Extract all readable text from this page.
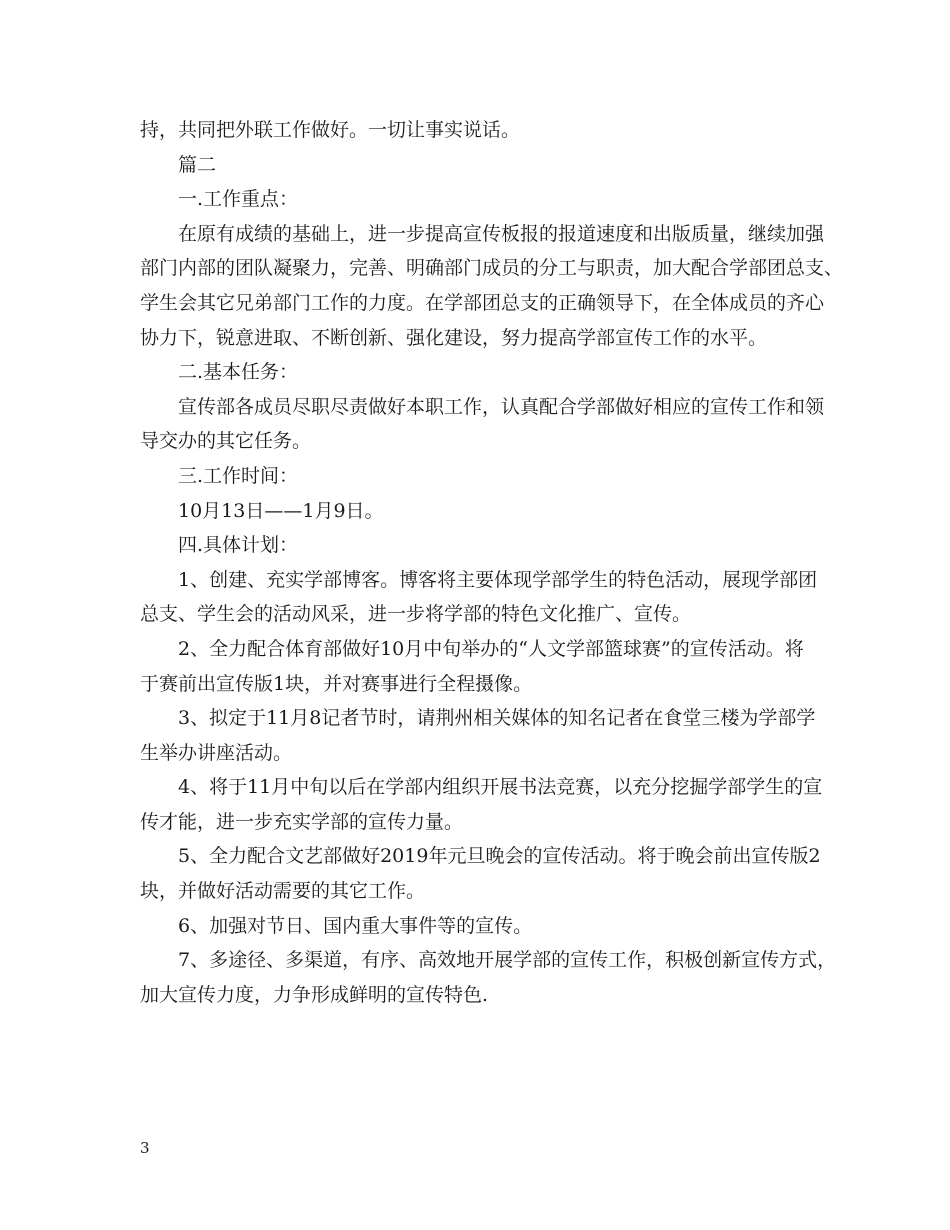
持，共同把外联工作做好。一切让事实说话。
篇二
一.工作重点：
在原有成绩的基础上，进一步提高宣传板报的报道速度和出版质量，继续加强
部门内部的团队凝聚力，完善、明确部门成员的分工与职责，加大配合学部团总支、
学生会其它兄弟部门工作的力度。在学部团总支的正确领导下，在全体成员的齐心
协力下，锐意进取、不断创新、强化建设，努力提高学部宣传工作的水平。
二.基本任务：
宣传部各成员尽职尽责做好本职工作，认真配合学部做好相应的宣传工作和领
导交办的其它任务。
三.工作时间：
10月13日——1月9日。
四.具体计划：
1、创建、充实学部博客。博客将主要体现学部学生的特色活动，展现学部团
总支、学生会的活动风采，进一步将学部的特色文化推广、宣传。
2、全力配合体育部做好10月中旬举办的“人文学部篮球赛”的宣传活动。将
于赛前出宣传版1块，并对赛事进行全程摄像。
3、拟定于11月8记者节时，请荆州相关媒体的知名记者在食堂三楼为学部学
生举办讲座活动。
4、将于11月中旬以后在学部内组织开展书法竞赛，以充分挖掘学部学生的宣
传才能，进一步充实学部的宣传力量。
5、全力配合文艺部做好2019年元旦晚会的宣传活动。将于晚会前出宣传版2
块，并做好活动需要的其它工作。
6、加强对节日、国内重大事件等的宣传。
7、多途径、多渠道，有序、高效地开展学部的宣传工作，积极创新宣传方式，
加大宣传力度，力争形成鲜明的宣传特色.
3
